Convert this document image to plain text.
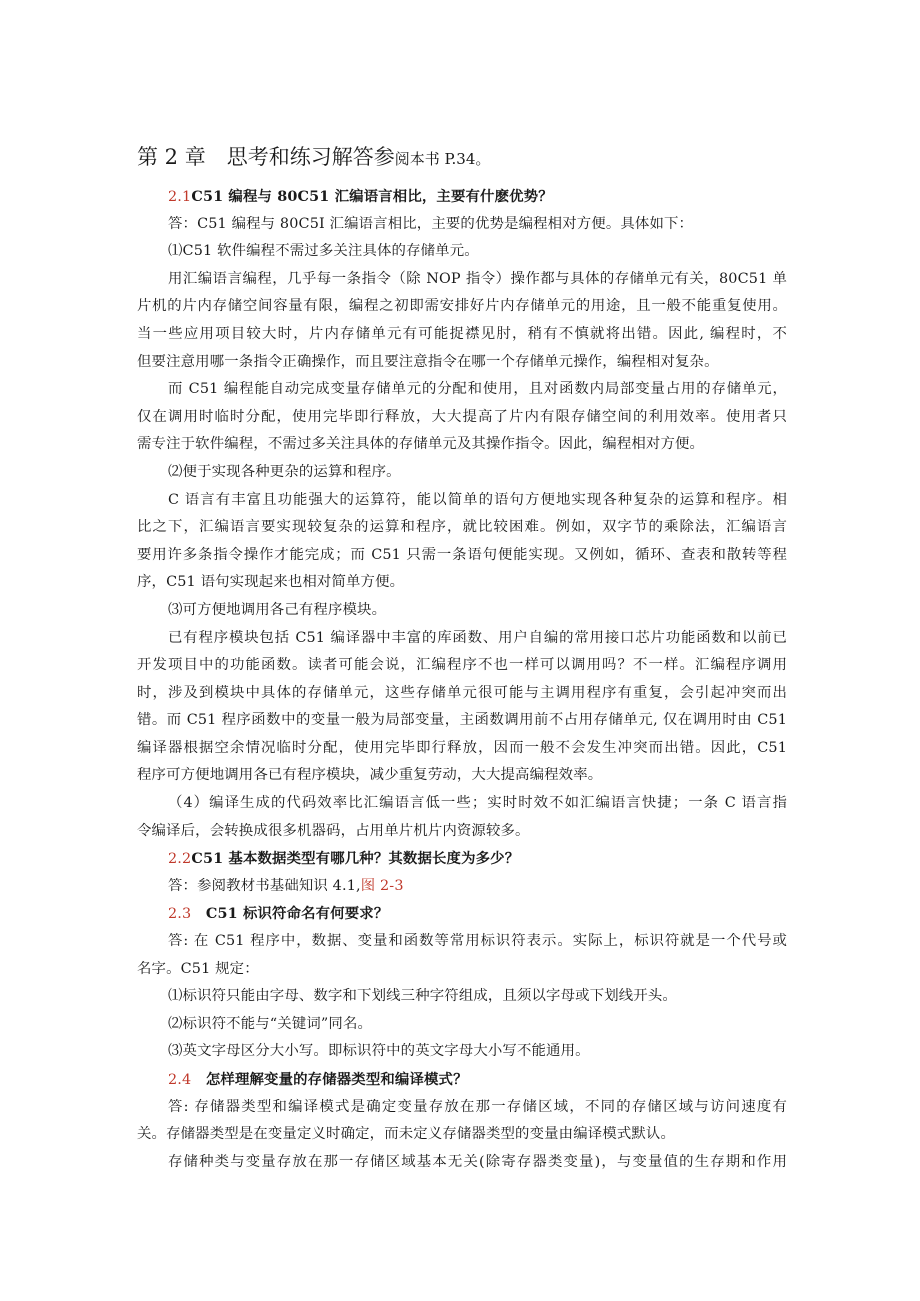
第 2 章　思考和练习解答参阅本书 P.34。
2.1C51 编程与 80C51 汇编语言相比，主要有什麽优势？
答：C51 编程与 80C5I 汇编语言相比，主要的优势是编程相对方便。具体如下：
⑴C51 软件编程不需过多关注具体的存储单元。
用汇编语言编程，几乎每一条指令（除 NOP 指令）操作都与具体的存储单元有关，80C51 单
片机的片内存储空间容量有限，编程之初即需安排好片内存储单元的用途，且一般不能重复使用。
当一些应用项目较大时，片内存储单元有可能捉襟见肘，稍有不慎就将出错。因此, 编程时，不
但要注意用哪一条指令正确操作，而且要注意指令在哪一个存储单元操作，编程相对复杂。
而 C51 编程能自动完成变量存储单元的分配和使用，且对函数内局部变量占用的存储单元，
仅在调用时临时分配，使用完毕即行释放，大大提高了片内有限存储空间的利用效率。使用者只
需专注于软件编程，不需过多关注具体的存储单元及其操作指令。因此，编程相对方便。
⑵便于实现各种更杂的运算和程序。
C 语言有丰富且功能强大的运算符，能以简单的语句方便地实现各种复杂的运算和程序。相
比之下，汇编语言要实现较复杂的运算和程序，就比较困难。例如，双字节的乘除法，汇编语言
要用许多条指令操作才能完成；而 C51 只需一条语句便能实现。又例如，循环、查表和散转等程
序，C51 语句实现起来也相对简单方便。
⑶可方便地调用各己有程序模块。
已有程序模块包括 C51 编译器中丰富的库函数、用户自编的常用接口芯片功能函数和以前已
开发项目中的功能函数。读者可能会说，汇编程序不也一样可以调用吗？不一样。汇编程序调用
时，涉及到模块中具体的存储单元，这些存储单元很可能与主调用程序有重复，会引起冲突而出
错。而 C51 程序函数中的变量一般为局部变量，主函数调用前不占用存储单元, 仅在调用时由 C51
编译器根据空余情况临时分配，使用完毕即行释放，因而一般不会发生冲突而出错。因此，C51
程序可方便地调用各已有程序模块，减少重复劳动，大大提高编程效率。
（4）编译生成的代码效率比汇编语言低一些；实时时效不如汇编语言快捷；一条 C 语言指
令编译后，会转换成很多机器码，占用单片机片内资源较多。
2.2C51 基本数据类型有哪几种？其数据长度为多少？
答：参阅教材书基础知识 4.1,图 2-3
2.3　C51 标识符命名有何要求？
答: 在 C51 程序中，数据、变量和函数等常用标识符表示。实际上，标识符就是一个代号或
名字。C51 规定：
⑴标识符只能由字母、数字和下划线三种字符组成，且须以字母或下划线开头。
⑵标识符不能与“关键词”同名。
⑶英文字母区分大小写。即标识符中的英文字母大小写不能通用。
2.4　怎样理解变量的存储器类型和编译模式？
答: 存储器类型和编译模式是确定变量存放在那一存储区域，不同的存储区域与访问速度有
关。存储器类型是在变量定义时确定，而未定义存储器类型的变量由编译模式默认。
存储种类与变量存放在那一存储区域基本无关(除寄存器类变量)，与变量值的生存期和作用
